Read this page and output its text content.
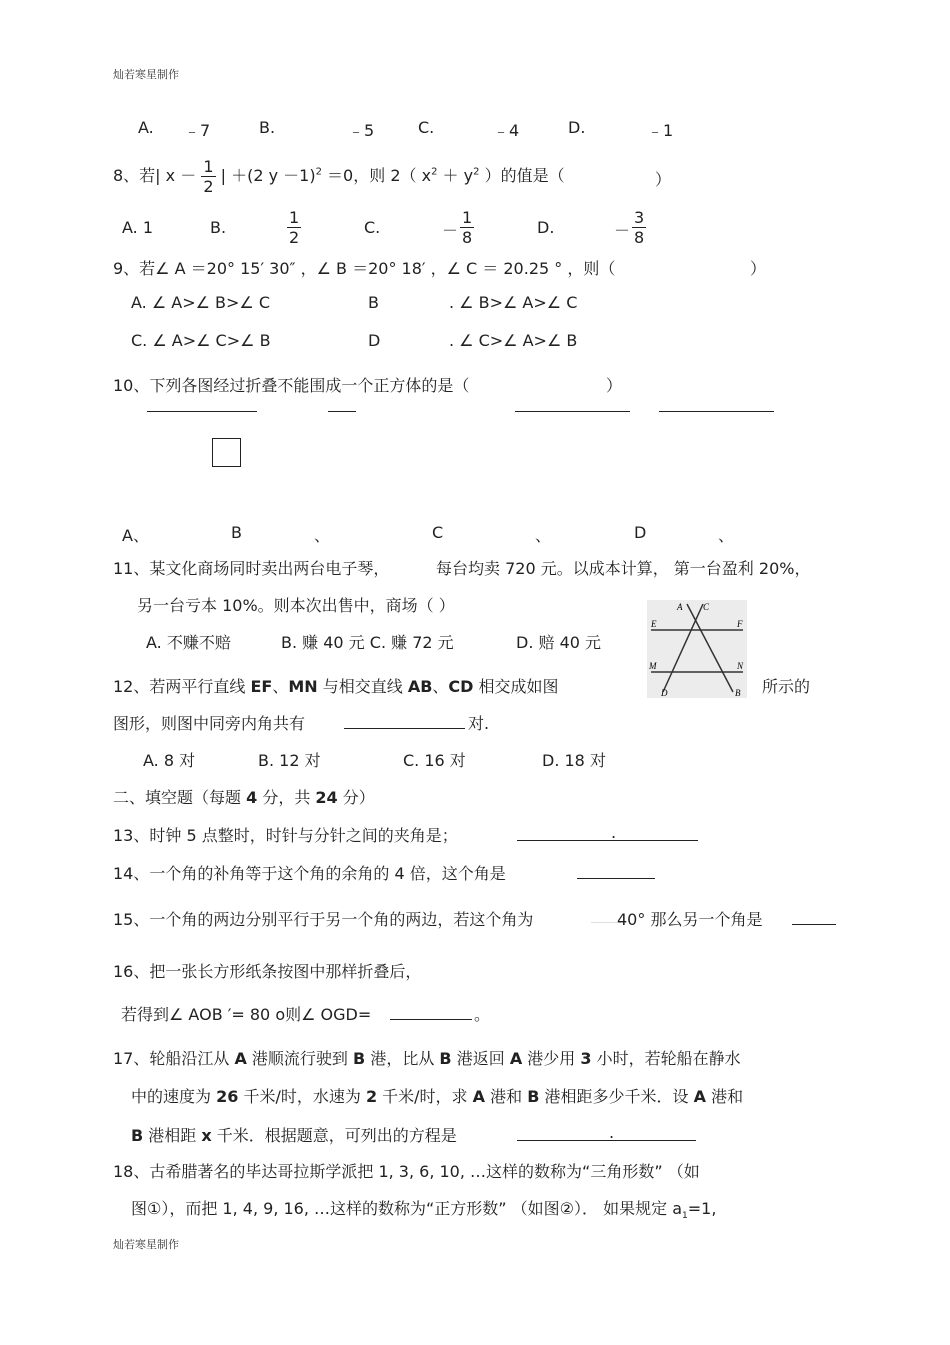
灿若寒星制作
灿若寒星制作
A. ﹣7	B.	﹣5	C.	﹣4	D.	﹣1
8、若| $x - \frac{1}{2}$ | ＋(2 y －1)$^2$ ＝0，则 2（ $x^2 + y^2$ ）的值是（	）
A. 1	B.	$\frac{1}{2}$	C.	－ $\frac{1}{8}$	D.	－ $\frac{3}{8}$
9、若∠ A ＝20° 15′ 30″ ，∠ B ＝20° 18′ ，∠ C ＝ 20.25 ° ，则（	）
A. ∠ A>∠ B>∠ C	B	. ∠ B>∠ A>∠ C
C. ∠ A>∠ C>∠ B	D	. ∠ C>∠ A>∠ B
10、下列各图经过折叠不能围成一个正方体的是（	）
A、	B	、	C	、	D	、
11、某文化商场同时卖出两台电子琴，	每台均卖 720 元。以成本计算， 第一台盈利 20%，
另一台亏本 10%。则本次出售中，商场（ ）
A. 不赚不赔	B. 赚 40 元 C. 赚 72 元	D. 赔 40 元
A C
E	F
M	N
D	B
12、若两平行直线 EF、MN 与相交直线 AB、CD 相交成如图	所示的
图形，则图中同旁内角共有	对.
A. 8 对	B. 12 对	C. 16 对	D. 18 对
二、填空题（每题 4 分，共 24 分）
13、时钟 5 点整时，时针与分针之间的夹角是；	.
14、一个角的补角等于这个角的余角的 4 倍，这个角是
15、一个角的两边分别平行于另一个角的两边，若这个角为	40° 那么另一个角是
16、把一张长方形纸条按图中那样折叠后，
若得到∠ AOB ′= 80 o则∠ OGD=	。
17、轮船沿江从 A 港顺流行驶到 B 港，比从 B 港返回 A 港少用 3 小时，若轮船在静水
中的速度为 26 千米/时，水速为 2 千米/时，求 A 港和 B 港相距多少千米．设 A 港和
B 港相距 x 千米．根据题意，可列出的方程是	.
18、古希腊著名的毕达哥拉斯学派把 1, 3, 6, 10, …这样的数称为“三角形数” （如
图①），而把 1, 4, 9, 16, …这样的数称为“正方形数” （如图②）． 如果规定 $a_1=1$,
